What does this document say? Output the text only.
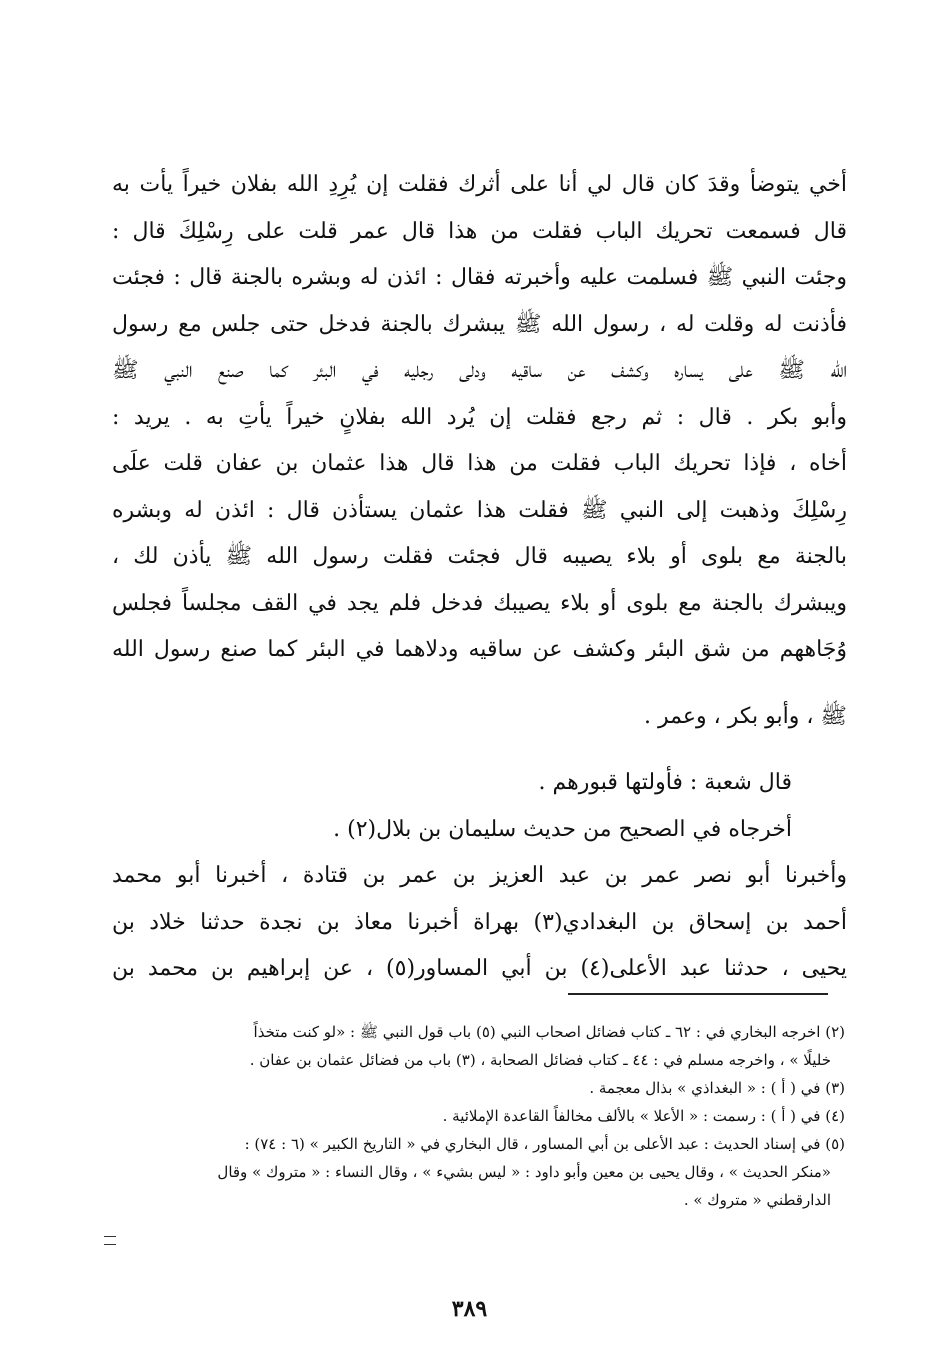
أخي يتوضأ وقدَ كان قال لي أنا على أثرك فقلت إن يُرِدِ الله بفلان خيراً يأت به
قال فسمعت تحريك الباب فقلت من هذا قال عمر قلت على رِسْلِكَ قال :
وجئت النبي ﷺ فسلمت عليه وأخبرته فقال : ائذن له وبشره بالجنة قال : فجئت
فأذنت له وقلت له ، رسول الله ﷺ يبشرك بالجنة فدخل حتى جلس مع رسول
الله ﷺ على يساره وكشف عن ساقيه ودلى رجليه في البئر كما صنع النبي ﷺ
وأبو بكر . قال : ثم رجع فقلت إن يُرد الله بفلانٍ خيراً يأتِ به . يريد :
أخاه ، فإذا تحريك الباب فقلت من هذا قال هذا عثمان بن عفان قلت علَى
رِسْلِكَ وذهبت إلى النبي ﷺ فقلت هذا عثمان يستأذن قال : ائذن له وبشره
بالجنة مع بلوى أو بلاء يصيبه قال فجئت فقلت رسول الله ﷺ يأذن لك ،
ويبشرك بالجنة مع بلوى أو بلاء يصيبك فدخل فلم يجد في القف مجلساً فجلس
وُجَاههم من شق البئر وكشف عن ساقيه ودلاهما في البئر كما صنع رسول الله
ﷺ ، وأبو بكر ، وعمر .
قال شعبة : فأولتها قبورهم .
أخرجاه في الصحيح من حديث سليمان بن بلال(٢) .
وأخبرنا أبو نصر عمر بن عبد العزيز بن عمر بن قتادة ، أخبرنا أبو محمد
أحمد بن إسحاق بن البغدادي(٣) بهراة أخبرنا معاذ بن نجدة حدثنا خلاد بن
يحيى ، حدثنا عبد الأعلى(٤) بن أبي المساور(٥) ، عن إبراهيم بن محمد بن
(٢) اخرجه البخاري في : ٦٢ ـ كتاب فضائل اصحاب النبي (٥) باب قول النبي ﷺ : «لو كنت متخذاً
خليلًا » ، واخرجه مسلم في : ٤٤ ـ كتاب فضائل الصحابة ، (٣) باب من فضائل عثمان بن عفان .
(٣) في ( أ ) : « البغداذي » بذال معجمة .
(٤) في ( أ ) : رسمت : « الأعلا » بالألف مخالفاً القاعدة الإملائية .
(٥) في إسناد الحديث : عبد الأعلى بن أبي المساور ، قال البخاري في « التاريخ الكبير » (٦ : ٧٤) :
«منكر الحديث » ، وقال يحيى بن معين وأبو داود : « ليس بشيء » ، وقال النساء : « متروك » وقال
الدارقطني « متروك » .
٣٨٩
